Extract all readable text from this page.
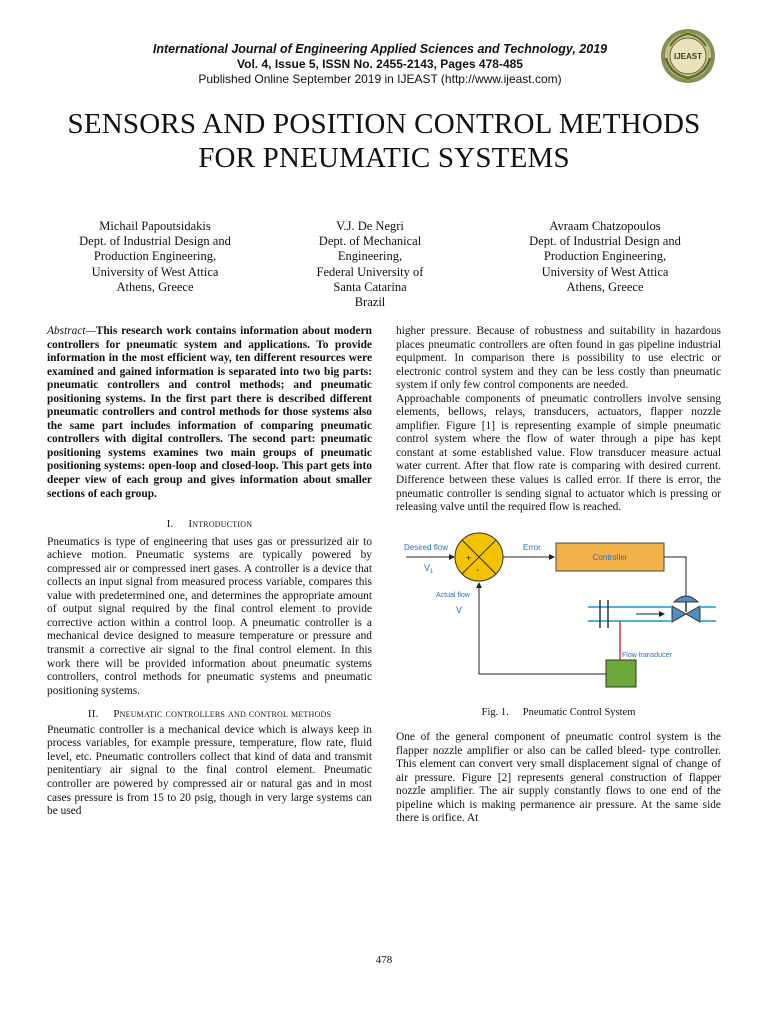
International Journal of Engineering Applied Sciences and Technology, 2019
Vol. 4, Issue 5, ISSN No. 2455-2143, Pages 478-485
Published Online September 2019 in IJEAST (http://www.ijeast.com)
IJEAST
SENSORS AND POSITION CONTROL METHODS
FOR PNEUMATIC SYSTEMS
Michail Papoutsidakis
Dept. of Industrial Design and
Production Engineering,
University of West Attica
Athens, Greece
V.J. De Negri
Dept. of Mechanical
Engineering,
Federal University of
Santa Catarina
Brazil
Avraam Chatzopoulos
Dept. of Industrial Design and
Production Engineering,
University of West Attica
Athens, Greece

Abstract—This research work contains information about modern controllers for pneumatic system and applications. To provide information in the most efficient way, ten different resources were examined and gained information is separated into two big parts: pneumatic controllers and control methods; and pneumatic positioning systems. In the first part there is described different pneumatic controllers and control methods for those systems also the same part includes information of comparing pneumatic controllers with digital controllers. The second part: pneumatic positioning systems examines two main groups of pneumatic positioning systems: open-loop and closed-loop. This part gets into deeper view of each group and gives information about smaller sections of each group.

I. Introduction

Pneumatics is type of engineering that uses gas or pressurized air to achieve motion. Pneumatic systems are typically powered by compressed air or compressed inert gases. A controller is a device that collects an input signal from measured process variable, compares this value with predetermined one, and determines the appropriate amount of output signal required by the final control element to provide corrective action within a control loop. A pneumatic controller is a mechanical device designed to measure temperature or pressure and transmit a corrective air signal to the final control element. In this work there will be provided information about pneumatic systems controllers, control methods for pneumatic systems and pneumatic positioning systems.

II. Pneumatic controllers and control methods

Pneumatic controller is a mechanical device which is always keep in process variables, for example pressure, temperature, flow rate, fluid level, etc. Pneumatic controllers collect that kind of data and transmit penitentiary air signal to the final control element. Pneumatic controller are powered by compressed air or natural gas and in most cases pressure is from 15 to 20 psig, though in very large systems can be used

higher pressure. Because of robustness and suitability in hazardous places pneumatic controllers are often found in gas pipeline industrial equipment. In comparison there is possibility to use electric or electronic control system and they can be less costly than pneumatic system if only few control components are needed.

Approachable components of pneumatic controllers involve sensing elements, bellows, relays, transducers, actuators, flapper nozzle amplifier. Figure [1] is representing example of simple pneumatic control system where the flow of water through a pipe has kept constant at some established value. Flow transducer measure actual water current. After that flow rate is comparing with desired current. Difference between these values is called error. If there is error, the pneumatic controller is sending signal to actuator which is pressing or releasing valve until the required flow is reached.

Desired flow
$V_1$
+
-
Error
Controller
Flow transducer
Actual flow
V
Fig. 1. Pneumatic Control System

One of the general component of pneumatic control system is the flapper nozzle amplifier or also can be called bleed- type controller. This element can convert very small displacement signal of change of air pressure. Figure [2] represents general construction of flapper nozzle amplifier. The air supply constantly flows to one end of the pipeline which is making permanence air pressure. At the same side there is orifice. At

478
